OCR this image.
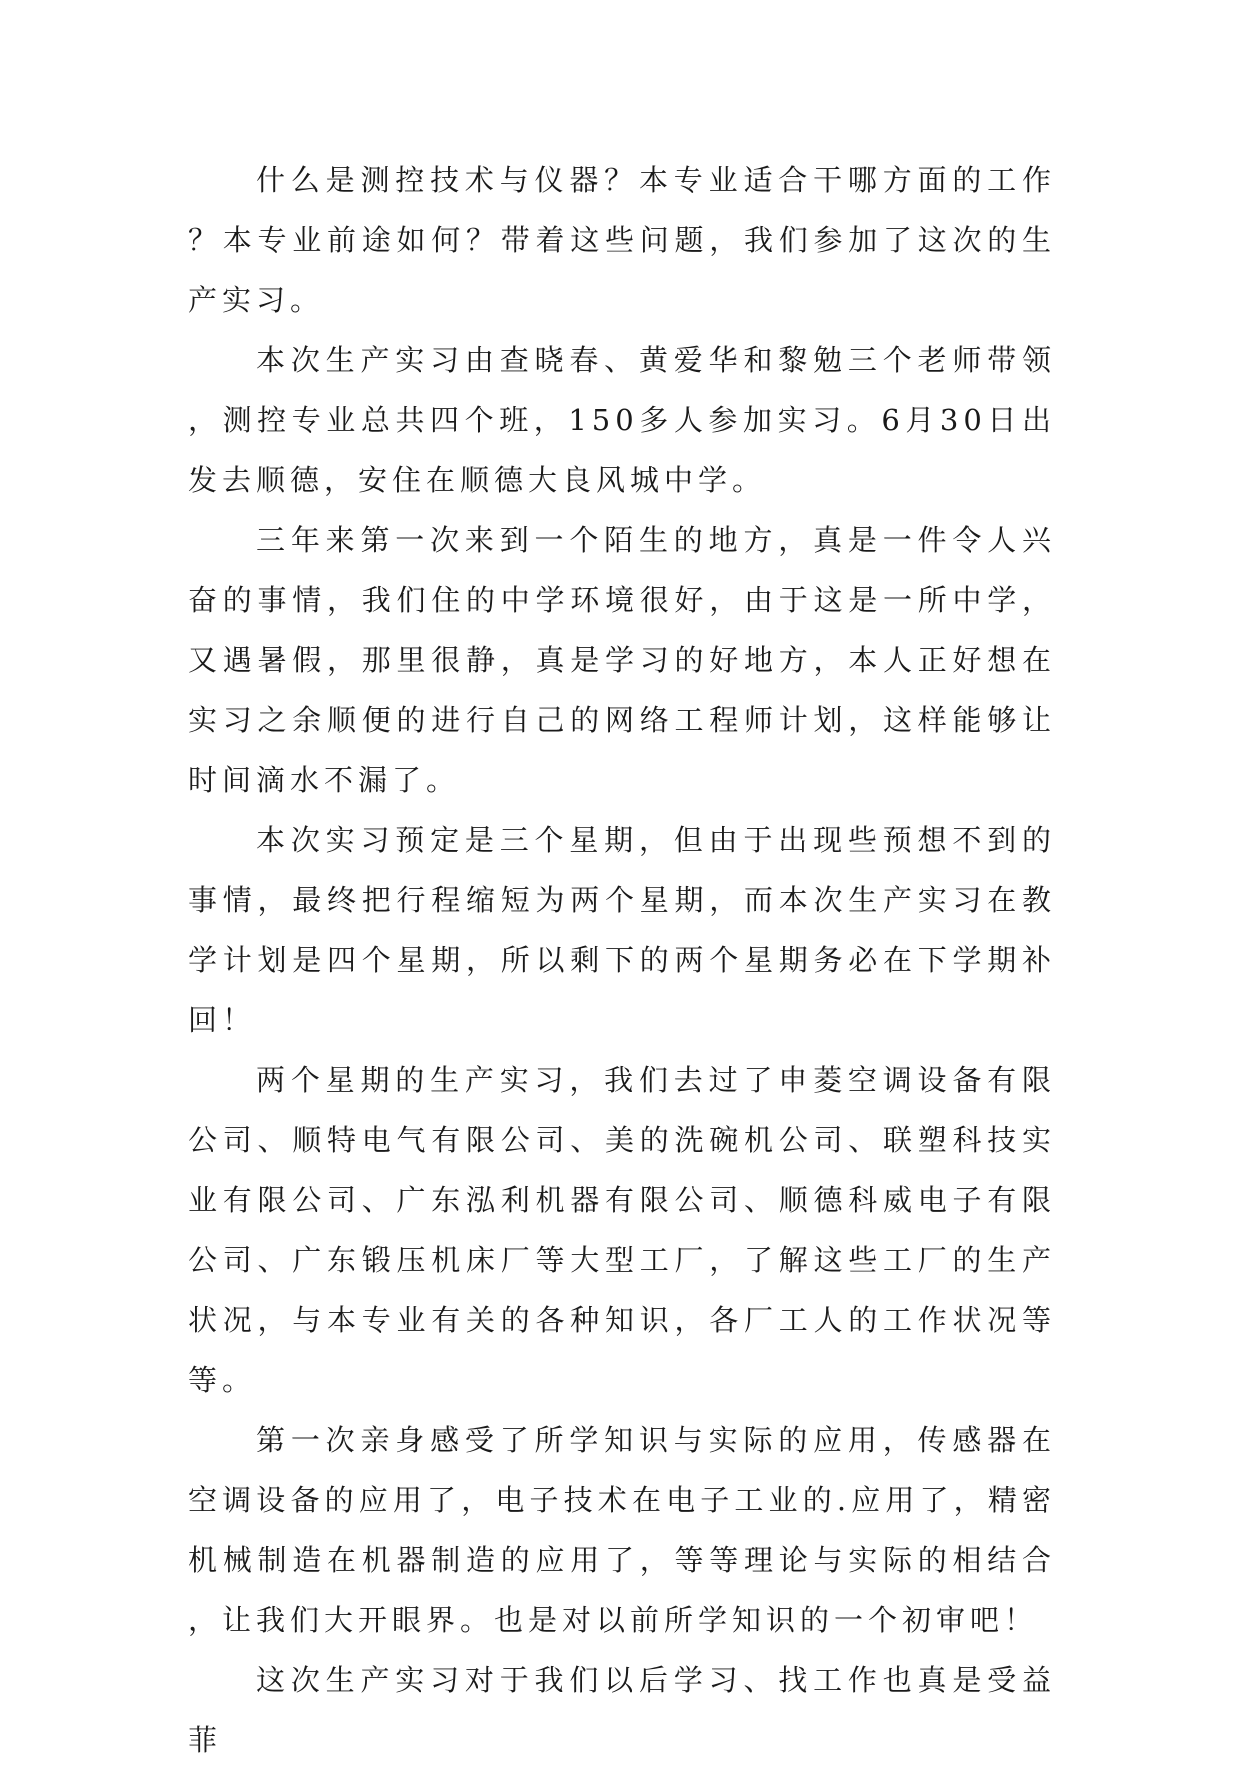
什么是测控技术与仪器？本专业适合干哪方面的工作？本专业前途如何？带着这些问题，我们参加了这次的生产实习。

本次生产实习由查晓春、黄爱华和黎勉三个老师带领，测控专业总共四个班，150多人参加实习。6月30日出发去顺德，安住在顺德大良风城中学。

三年来第一次来到一个陌生的地方，真是一件令人兴奋的事情，我们住的中学环境很好，由于这是一所中学，又遇暑假，那里很静，真是学习的好地方，本人正好想在实习之余顺便的进行自己的网络工程师计划，这样能够让时间滴水不漏了。

本次实习预定是三个星期，但由于出现些预想不到的事情，最终把行程缩短为两个星期，而本次生产实习在教学计划是四个星期，所以剩下的两个星期务必在下学期补回！

两个星期的生产实习，我们去过了申菱空调设备有限公司、顺特电气有限公司、美的洗碗机公司、联塑科技实业有限公司、广东泓利机器有限公司、顺德科威电子有限公司、广东锻压机床厂等大型工厂，了解这些工厂的生产状况，与本专业有关的各种知识，各厂工人的工作状况等等。

第一次亲身感受了所学知识与实际的应用，传感器在空调设备的应用了，电子技术在电子工业的.应用了，精密机械制造在机器制造的应用了，等等理论与实际的相结合，让我们大开眼界。也是对以前所学知识的一个初审吧！

这次生产实习对于我们以后学习、找工作也真是受益菲
